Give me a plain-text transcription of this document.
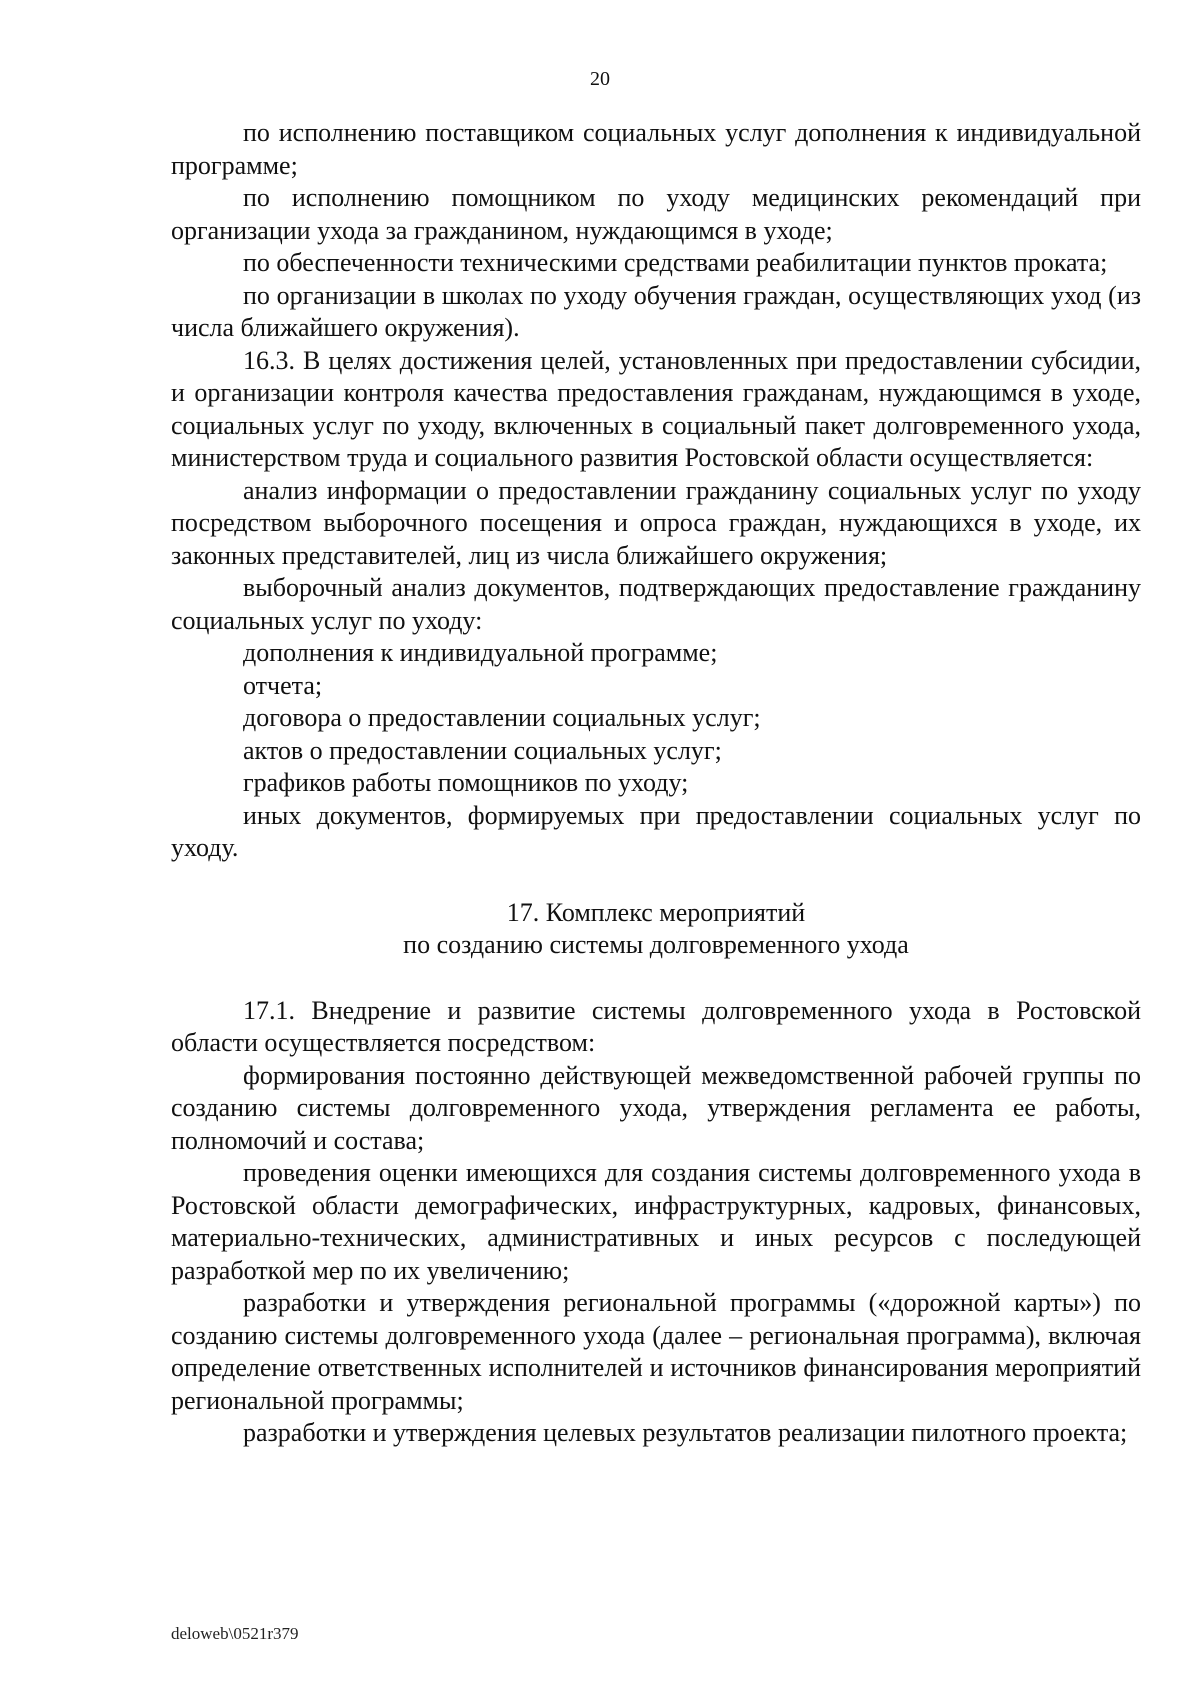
20

по исполнению поставщиком социальных услуг дополнения к индивидуальной программе;

по исполнению помощником по уходу медицинских рекомендаций при организации ухода за гражданином, нуждающимся в уходе;

по обеспеченности техническими средствами реабилитации пунктов проката;

по организации в школах по уходу обучения граждан, осуществляющих уход (из числа ближайшего окружения).

16.3. В целях достижения целей, установленных при предоставлении субсидии, и организации контроля качества предоставления гражданам, нуждающимся в уходе, социальных услуг по уходу, включенных в социальный пакет долговременного ухода, министерством труда и социального развития Ростовской области осуществляется:

анализ информации о предоставлении гражданину социальных услуг по уходу посредством выборочного посещения и опроса граждан, нуждающихся в уходе, их законных представителей, лиц из числа ближайшего окружения;

выборочный анализ документов, подтверждающих предоставление гражданину социальных услуг по уходу:

дополнения к индивидуальной программе;

отчета;

договора о предоставлении социальных услуг;

актов о предоставлении социальных услуг;

графиков работы помощников по уходу;

иных документов, формируемых при предоставлении социальных услуг по уходу.

17. Комплекс мероприятий
по созданию системы долговременного ухода

17.1. Внедрение и развитие системы долговременного ухода в Ростовской области осуществляется посредством:

формирования постоянно действующей межведомственной рабочей группы по созданию системы долговременного ухода, утверждения регламента ее работы, полномочий и состава;

проведения оценки имеющихся для создания системы долговременного ухода в Ростовской области демографических, инфраструктурных, кадровых, финансовых, материально-технических, административных и иных ресурсов с последующей разработкой мер по их увеличению;

разработки и утверждения региональной программы («дорожной карты») по созданию системы долговременного ухода (далее – региональная программа), включая определение ответственных исполнителей и источников финансирования мероприятий региональной программы;

разработки и утверждения целевых результатов реализации пилотного проекта;

deloweb\0521r379
